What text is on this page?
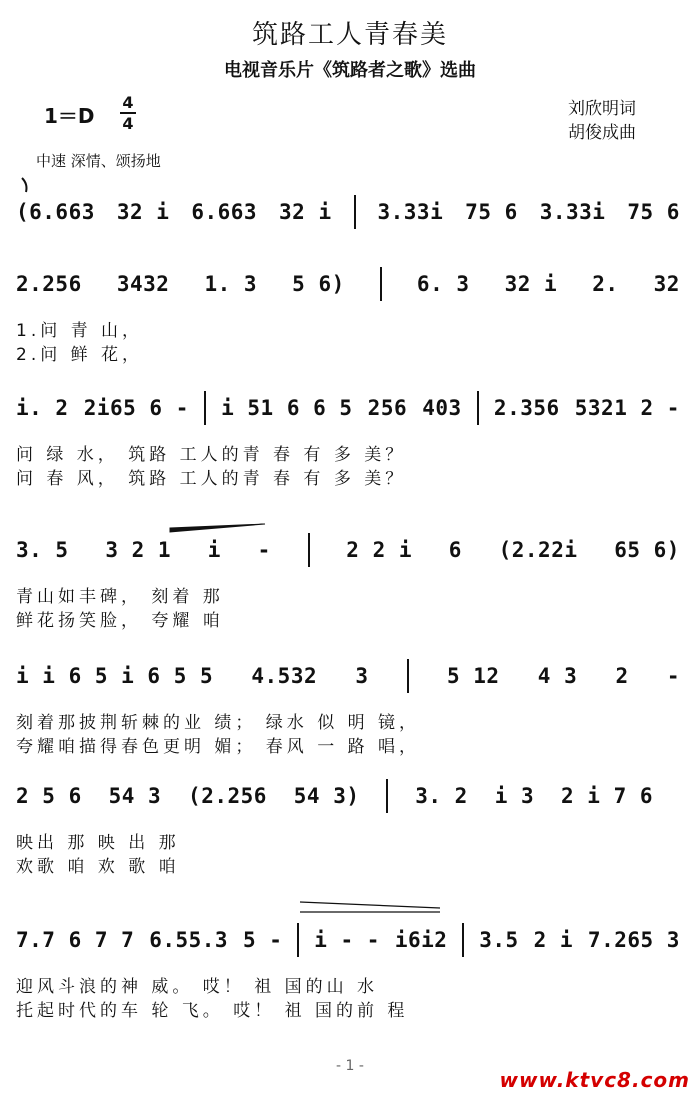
筑路工人青春美
电视音乐片《筑路者之歌》选曲
刘欣明词
胡俊成曲
1＝D
4
4
中速 深情、颂扬地
(6.663 32 i 6.663 32 i 3.33i 75 6 3.33i 75 6
2.256 3432 1. 3 5 6)	6. 3 32 i 2. 32
1.问 青 山，
2.问 鲜 花，
i. 2 2i65 6 - i 51 6 6 5 256 403 2.356 5321 2 -
问 绿 水， 筑路 工人的青 春 有 多 美？
问 春 风， 筑路 工人的青 春 有 多 美？
3. 5 3 2 1 i -	2 2 i 6 (2.22i 65 6)
青山如丰碑， 刻着 那
鲜花扬笑脸， 夸耀 咱
i i 6 5 i 6 5 5 4.532 3	5 12 4 3 2 -
刻着那披荆斩棘的业 绩； 绿水 似 明 镜，
夸耀咱描得春色更明 媚； 春风 一 路 唱，
2 5 6 54 3 (2.256 54 3)	3. 2 i 3 2 i 7 6
映出 那 映 出 那
欢歌 咱 欢 歌 咱
7.7 6 7 7 6.55.3 5 - i - - i6i2 3.5 2 i 7.265 3
迎风斗浪的神 威。 哎！ 祖 国的山 水
托起时代的车 轮 飞。 哎！ 祖 国的前 程
- 1 -
www.ktvc8.com
